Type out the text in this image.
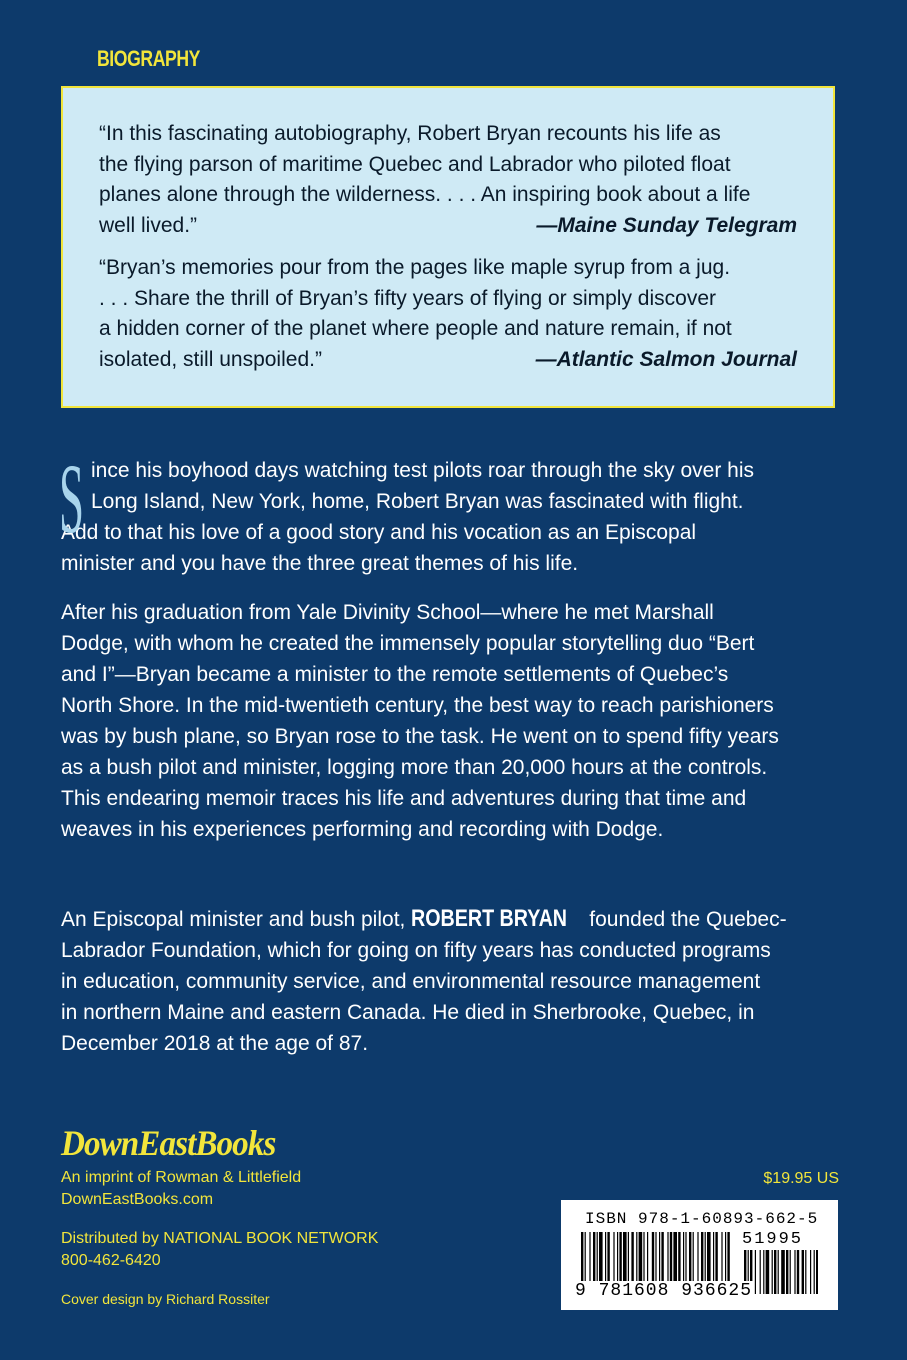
BIOGRAPHY

“In this fascinating autobiography, Robert Bryan recounts his life as
the flying parson of maritime Quebec and Labrador who piloted float
planes alone through the wilderness. . . . An inspiring book about a life
well lived.”	—Maine Sunday Telegram

“Bryan’s memories pour from the pages like maple syrup from a jug.
. . . Share the thrill of Bryan’s fifty years of flying or simply discover
a hidden corner of the planet where people and nature remain, if not
isolated, still unspoiled.”	—Atlantic Salmon Journal

S ince his boyhood days watching test pilots roar through the sky over his
Long Island, New York, home, Robert Bryan was fascinated with flight.
Add to that his love of a good story and his vocation as an Episcopal
minister and you have the three great themes of his life.
After his graduation from Yale Divinity School—where he met Marshall
Dodge, with whom he created the immensely popular storytelling duo “Bert
and I”—Bryan became a minister to the remote settlements of Quebec’s
North Shore. In the mid-twentieth century, the best way to reach parishioners
was by bush plane, so Bryan rose to the task. He went on to spend fifty years
as a bush pilot and minister, logging more than 20,000 hours at the controls.
This endearing memoir traces his life and adventures during that time and
weaves in his experiences performing and recording with Dodge.
An Episcopal minister and bush pilot, ROBERT BRYAN founded the Quebec-
Labrador Foundation, which for going on fifty years has conducted programs
in education, community service, and environmental resource management
in northern Maine and eastern Canada. He died in Sherbrooke, Quebec, in
December 2018 at the age of 87.
DownEastBooks
An imprint of Rowman & Littlefield
DownEastBooks.com
Distributed by NATIONAL BOOK NETWORK
800-462-6420
Cover design by Richard Rossiter
$19.95 US
ISBN 978-1-60893-662-5
51995
9 781608 936625
